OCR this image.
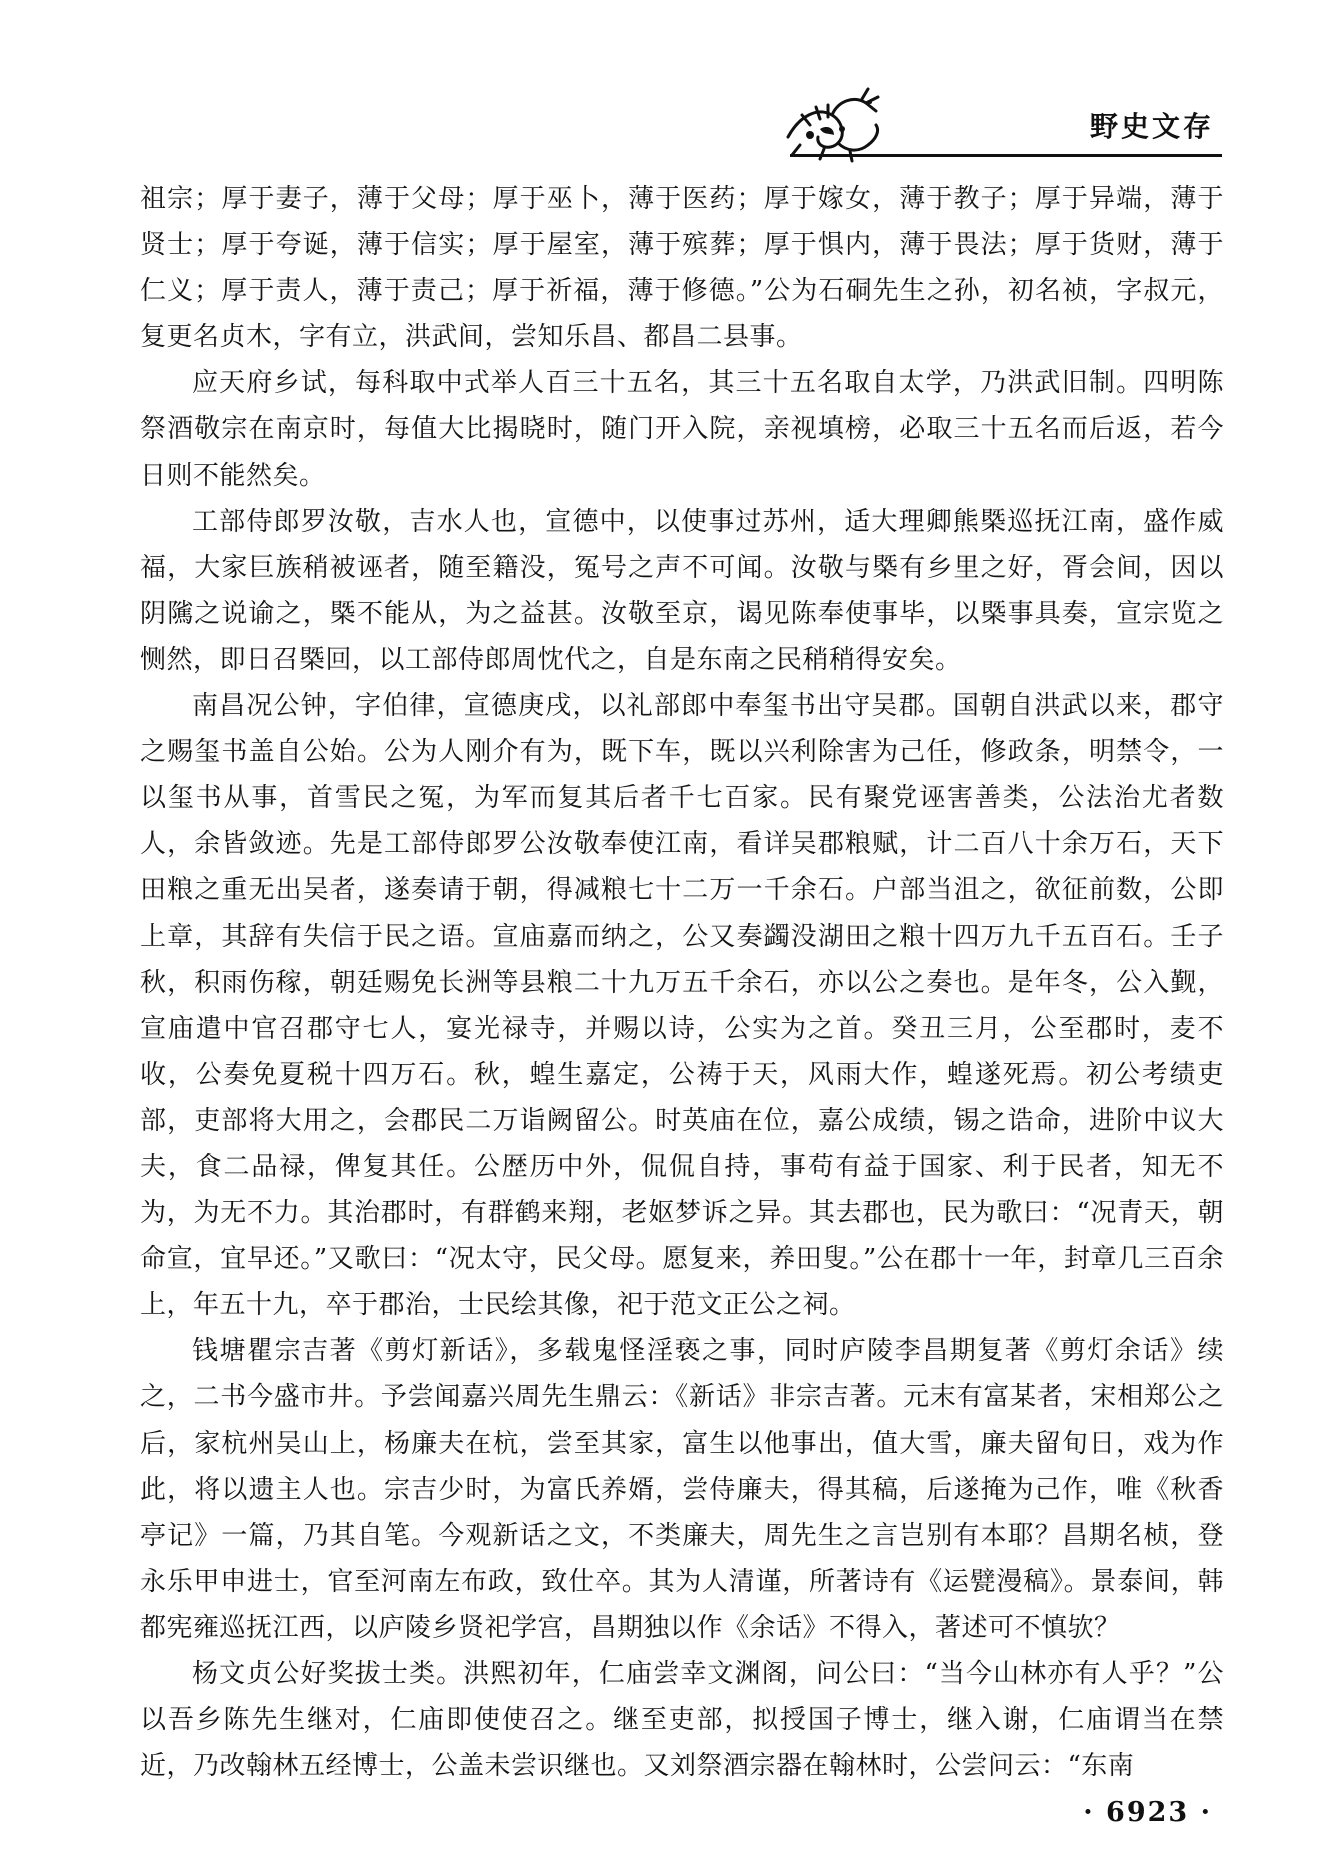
野史文存

祖宗；厚于妻子，薄于父母；厚于巫卜，薄于医药；厚于嫁女，薄于教子；厚于异端，薄于贤士；厚于夸诞，薄于信实；厚于屋室，薄于殡葬；厚于惧内，薄于畏法；厚于货财，薄于仁义；厚于责人，薄于责己；厚于祈福，薄于修德。”公为石硐先生之孙，初名祯，字叔元，复更名贞木，字有立，洪武间，尝知乐昌、都昌二县事。

应天府乡试，每科取中式举人百三十五名，其三十五名取自太学，乃洪武旧制。四明陈祭酒敬宗在南京时，每值大比揭晓时，随门开入院，亲视填榜，必取三十五名而后返，若今日则不能然矣。

工部侍郎罗汝敬，吉水人也，宣德中，以使事过苏州，适大理卿熊槩巡抚江南，盛作威福，大家巨族稍被诬者，随至籍没，冤号之声不可闻。汝敬与槩有乡里之好，胥会间，因以阴隲之说谕之，槩不能从，为之益甚。汝敬至京，谒见陈奉使事毕，以槩事具奏，宣宗览之恻然，即日召槩回，以工部侍郎周忱代之，自是东南之民稍稍得安矣。

南昌况公钟，字伯律，宣德庚戌，以礼部郎中奉玺书出守吴郡。国朝自洪武以来，郡守之赐玺书盖自公始。公为人刚介有为，既下车，既以兴利除害为己任，修政条，明禁令，一以玺书从事，首雪民之冤，为军而复其后者千七百家。民有聚党诬害善类，公法治尤者数人，余皆敛迹。先是工部侍郎罗公汝敬奉使江南，看详吴郡粮赋，计二百八十余万石，天下田粮之重无出吴者，遂奏请于朝，得减粮七十二万一千余石。户部当沮之，欲征前数，公即上章，其辞有失信于民之语。宣庙嘉而纳之，公又奏蠲没湖田之粮十四万九千五百石。壬子秋，积雨伤稼，朝廷赐免长洲等县粮二十九万五千余石，亦以公之奏也。是年冬，公入觐，宣庙遣中官召郡守七人，宴光禄寺，并赐以诗，公实为之首。癸丑三月，公至郡时，麦不收，公奏免夏税十四万石。秋，蝗生嘉定，公祷于天，风雨大作，蝗遂死焉。初公考绩吏部，吏部将大用之，会郡民二万诣阙留公。时英庙在位，嘉公成绩，锡之诰命，进阶中议大夫，食二品禄，俾复其任。公歴历中外，侃侃自持，事苟有益于国家、利于民者，知无不为，为无不力。其治郡时，有群鹤来翔，老妪梦诉之异。其去郡也，民为歌曰：“况青天，朝命宣，宜早还。”又歌曰：“况太守，民父母。愿复来，养田叟。”公在郡十一年，封章几三百余上，年五十九，卒于郡治，士民绘其像，祀于范文正公之祠。

钱塘瞿宗吉著《剪灯新话》，多载鬼怪淫亵之事，同时庐陵李昌期复著《剪灯余话》续之，二书今盛市井。予尝闻嘉兴周先生鼎云：《新话》非宗吉著。元末有富某者，宋相郑公之后，家杭州吴山上，杨廉夫在杭，尝至其家，富生以他事出，值大雪，廉夫留旬日，戏为作此，将以遗主人也。宗吉少时，为富氏养婿，尝侍廉夫，得其稿，后遂掩为己作，唯《秋香亭记》一篇，乃其自笔。今观新话之文，不类廉夫，周先生之言岂别有本耶？昌期名桢，登永乐甲申进士，官至河南左布政，致仕卒。其为人清谨，所著诗有《运甓漫稿》。景泰间，韩都宪雍巡抚江西，以庐陵乡贤祀学宫，昌期独以作《余话》不得入，著述可不慎欤？

杨文贞公好奖拔士类。洪熙初年，仁庙尝幸文渊阁，问公曰：“当今山林亦有人乎？”公以吾乡陈先生继对，仁庙即使使召之。继至吏部，拟授国子博士，继入谢，仁庙谓当在禁近，乃改翰林五经博士，公盖未尝识继也。又刘祭酒宗器在翰林时，公尝问云：“东南

· 6923 ·
